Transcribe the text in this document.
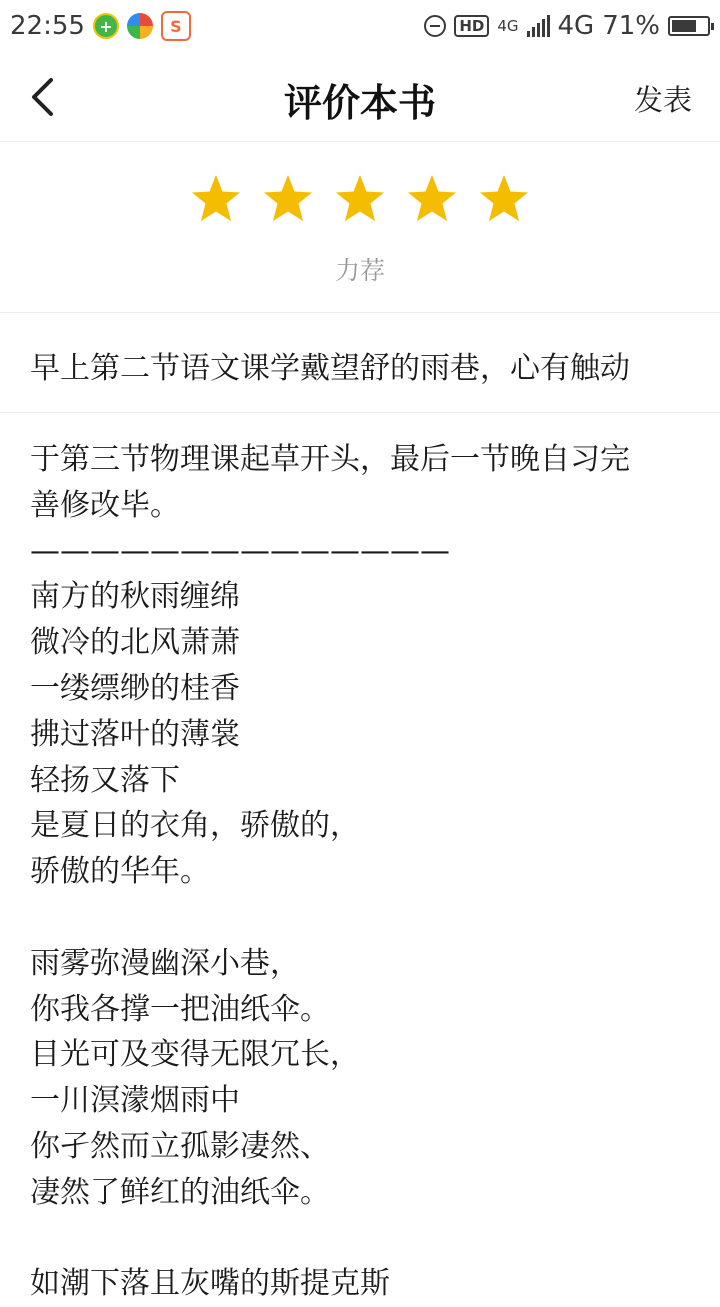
22:55 +	S	HD 4G 4G 71%
评价本书	发表
力荐
早上第二节语文课学戴望舒的雨巷，心有触动
于第三节物理课起草开头，最后一节晚自习完
善修改毕。
——————————————
南方的秋雨缠绵
微冷的北风萧萧
一缕缥缈的桂香
拂过落叶的薄裳
轻扬又落下
是夏日的衣角，骄傲的，
骄傲的华年。
雨雾弥漫幽深小巷，
你我各撑一把油纸伞。
目光可及变得无限冗长，
一川溟濛烟雨中
你孑然而立孤影凄然、
凄然了鲜红的油纸伞。
如潮下落且灰嘴的斯提克斯
